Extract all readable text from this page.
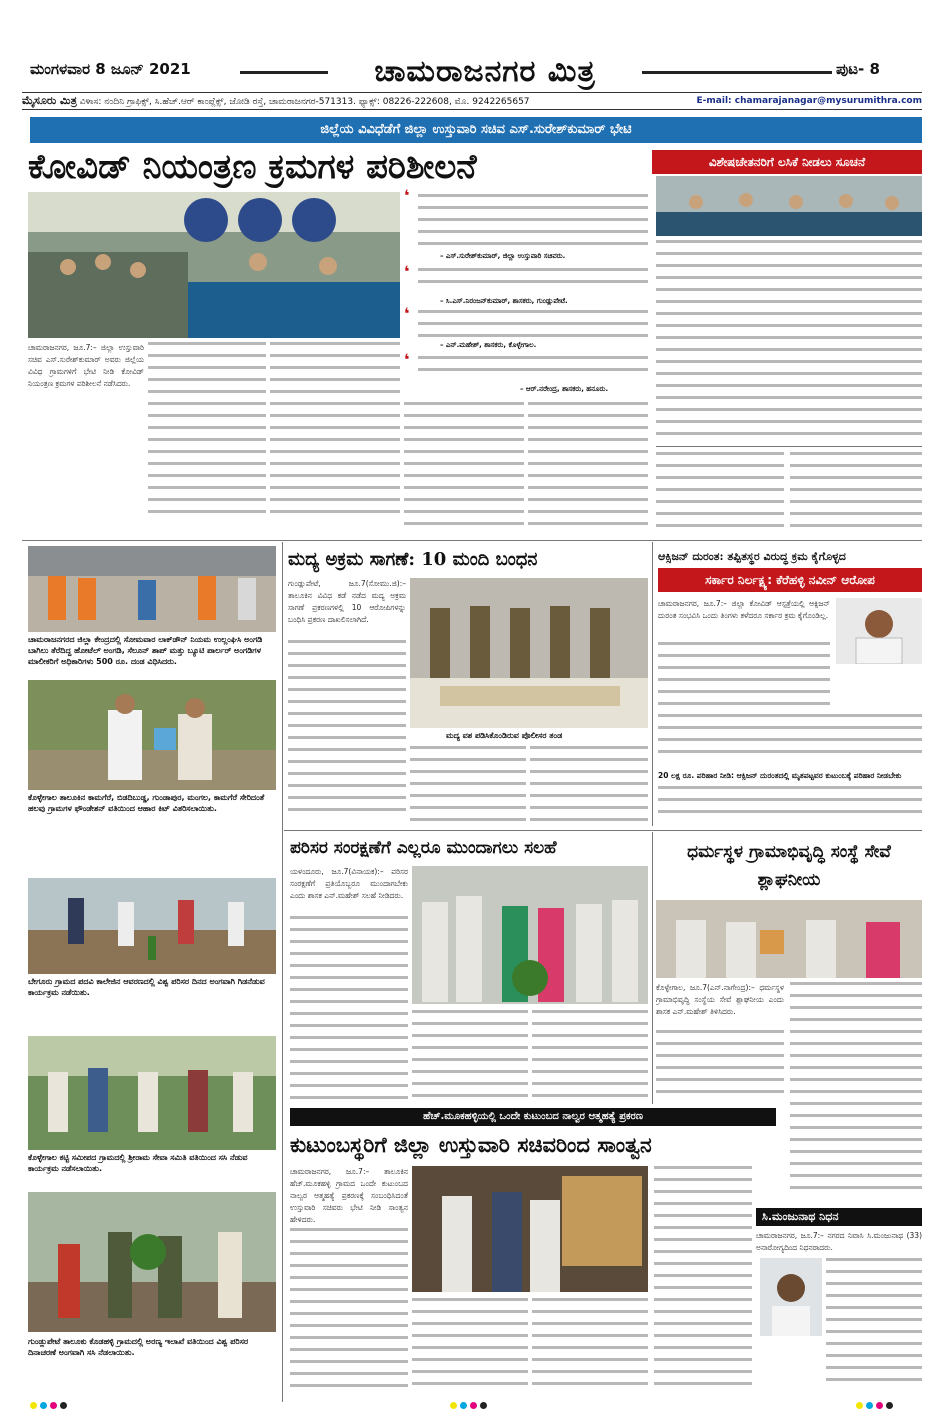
ಮಂಗಳವಾರ 8 ಜೂನ್ 2021	ಚಾಮರಾಜನಗರ ಮಿತ್ರ	ಪುಟ- 8
ಮೈಸೂರು ಮಿತ್ರ ವಿಳಾಸ: ನಂದಿನಿ ಗ್ರಾಫಿಕ್ಸ್, ಸಿ.ಹೆಚ್.ಆರ್ ಕಾಂಪ್ಲೆಕ್ಸ್, ಜೋಡಿ ರಸ್ತೆ, ಚಾಮರಾಜನಗರ-571313. ಫ್ಯಾಕ್ಸ್: 08226-222608, ಮೊ. 9242265657	E-mail: chamarajanagar@mysurumithra.com
ಜಿಲ್ಲೆಯ ವಿವಿಧೆಡೆಗೆ ಜಿಲ್ಲಾ ಉಸ್ತುವಾರಿ ಸಚಿವ ಎಸ್.ಸುರೇಶ್‌ಕುಮಾರ್ ಭೇಟಿ
ಕೋವಿಡ್ ನಿಯಂತ್ರಣ ಕ್ರಮಗಳ ಪರಿಶೀಲನೆ	ವಿಶೇಷಚೇತನರಿಗೆ ಲಸಿಕೆ ನೀಡಲು ಸೂಚನೆ
ಚಾಮರಾಜನಗರ, ಜೂ.7:– ಜಿಲ್ಲಾ ಉಸ್ತುವಾರಿ ಸಚಿವ ಎಸ್.ಸುರೇಶ್‌ಕುಮಾರ್ ಅವರು ಜಿಲ್ಲೆಯ ವಿವಿಧ ಗ್ರಾಮಗಳಿಗೆ ಭೇಟಿ ನೀಡಿ ಕೋವಿಡ್ ನಿಯಂತ್ರಣ ಕ್ರಮಗಳ ಪರಿಶೀಲನೆ ನಡೆಸಿದರು.
❛
– ಎಸ್.ಸುರೇಶ್‌ಕುಮಾರ್, ಜಿಲ್ಲಾ ಉಸ್ತುವಾರಿ ಸಚಿವರು.
❛
– ಸಿ.ಎಸ್.ನಿರಂಜನ್‌ಕುಮಾರ್, ಶಾಸಕರು, ಗುಂಡ್ಲುಪೇಟೆ.
❛
– ಎನ್.ಮಹೇಶ್, ಶಾಸಕರು, ಕೊಳ್ಳೇಗಾಲ.
❛
– ಆರ್.ನರೇಂದ್ರ, ಶಾಸಕರು, ಹನೂರು.
ಚಾಮರಾಜನಗರದ ಜಿಲ್ಲಾ ಕೇಂದ್ರದಲ್ಲಿ ಸೋಮವಾರ ಲಾಕ್‌ಡೌನ್ ನಿಯಮ ಉಲ್ಲಂಘಿಸಿ ಅಂಗಡಿ ಬಾಗಿಲು ತೆರೆದಿದ್ದ ಹೋಟೆಲ್ ಅಂಗಡಿ, ಸೆಲೂನ್ ಶಾಪ್ ಮತ್ತು ಬ್ಯೂಟಿ ಪಾರ್ಲರ್ ಅಂಗಡಿಗಳ ಮಾಲೀಕರಿಗೆ ಅಧಿಕಾರಿಗಳು 500 ರೂ. ದಂಡ ವಿಧಿಸಿದರು.
ಕೊಳ್ಳೇಗಾಲ ತಾಲೂಕಿನ ಕಾಮಗೆರೆ, ಬಿಡದಿಬುಡ್ಡ, ಗುಂಡಾಪುರ, ಮಂಗಲ, ಕಾಮಗೆರೆ ಸೇರಿದಂತೆ ಹಲವು ಗ್ರಾಮಗಳ ಫೌಂಡೇಶನ್ ವತಿಯಿಂದ ಆಹಾರ ಕಿಟ್ ವಿತರಿಸಲಾಯಿತು.
ಬೇಗೂರು ಗ್ರಾಮದ ಪದವಿ ಕಾಲೇಜಿನ ಆವರಣದಲ್ಲಿ ವಿಶ್ವ ಪರಿಸರ ದಿನದ ಅಂಗವಾಗಿ ಗಿಡನೆಡುವ ಕಾರ್ಯಕ್ರಮ ನಡೆಯಿತು.
ಕೊಳ್ಳೇಗಾಲ ಕಟ್ಟಿ ಸಮೀಪದ ಗ್ರಾಮದಲ್ಲಿ ಶ್ರೀರಾಮ ಸೇವಾ ಸಮಿತಿ ವತಿಯಿಂದ ಸಸಿ ನೆಡುವ ಕಾರ್ಯಕ್ರಮ ನಡೆಸಲಾಯಿತು.
ಗುಂಡ್ಲುಪೇಟೆ ತಾಲೂಕು ಕೊಡಹಳ್ಳಿ ಗ್ರಾಮದಲ್ಲಿ ಅರಣ್ಯ ಇಲಾಖೆ ವತಿಯಿಂದ ವಿಶ್ವ ಪರಿಸರ ದಿನಾಚರಣೆ ಅಂಗವಾಗಿ ಸಸಿ ನೆಡಲಾಯಿತು.
ಮದ್ಯ ಅಕ್ರಮ ಸಾಗಣೆ: 10 ಮಂದಿ ಬಂಧನ
ಗುಂಡ್ಲುಪೇಟೆ, ಜೂ.7(ಸೋಮು.ಜಿ):– ತಾಲೂಕಿನ ವಿವಿಧ ಕಡೆ ನಡೆದ ಮದ್ಯ ಅಕ್ರಮ ಸಾಗಣೆ ಪ್ರಕರಣಗಳಲ್ಲಿ 10 ಆರೋಪಿಗಳನ್ನು ಬಂಧಿಸಿ ಪ್ರಕರಣ ದಾಖಲಿಸಲಾಗಿದೆ.
ಮದ್ಯ ವಶ ಪಡಿಸಿಕೊಂಡಿರುವ ಪೊಲೀಸರ ತಂಡ
ಆಕ್ಸಿಜನ್ ದುರಂತ: ತಪ್ಪಿತಸ್ಥರ ವಿರುದ್ಧ ಕ್ರಮ ಕೈಗೊಳ್ಳದ
ಸರ್ಕಾರ ನಿರ್ಲಕ್ಷ್ಯ: ಕೆರೆಹಳ್ಳಿ ನವೀನ್ ಆರೋಪ
ಚಾಮರಾಜನಗರ, ಜೂ.7:– ಜಿಲ್ಲಾ ಕೋವಿಡ್ ಆಸ್ಪತ್ರೆಯಲ್ಲಿ ಆಕ್ಸಿಜನ್ ದುರಂತ ಸಂಭವಿಸಿ ಒಂದು ತಿಂಗಳು ಕಳೆದರೂ ಸರ್ಕಾರ ಕ್ರಮ ಕೈಗೊಂಡಿಲ್ಲ.
20 ಲಕ್ಷ ರೂ. ಪರಿಹಾರ ನೀಡಿ: ಆಕ್ಸಿಜನ್ ದುರಂತದಲ್ಲಿ ಮೃತಪಟ್ಟವರ ಕುಟುಂಬಕ್ಕೆ ಪರಿಹಾರ ನೀಡಬೇಕು
ಪರಿಸರ ಸಂರಕ್ಷಣೆಗೆ ಎಲ್ಲರೂ ಮುಂದಾಗಲು ಸಲಹೆ
ಯಳಂದೂರು, ಜೂ.7(ವಿನಾಯಕ):– ಪರಿಸರ ಸಂರಕ್ಷಣೆಗೆ ಪ್ರತಿಯೊಬ್ಬರೂ ಮುಂದಾಗಬೇಕು ಎಂದು ಶಾಸಕ ಎನ್.ಮಹೇಶ್ ಸಲಹೆ ನೀಡಿದರು.
ಧರ್ಮಸ್ಥಳ ಗ್ರಾಮಾಭಿವೃದ್ಧಿ ಸಂಸ್ಥೆ ಸೇವೆ ಶ್ಲಾಘನೀಯ
ಕೊಳ್ಳೇಗಾಲ, ಜೂ.7(ಎನ್.ನಾಗೇಂದ್ರ):– ಧರ್ಮಸ್ಥಳ ಗ್ರಾಮಾಭಿವೃದ್ಧಿ ಸಂಸ್ಥೆಯ ಸೇವೆ ಶ್ಲಾಘನೀಯ ಎಂದು ಶಾಸಕ ಎನ್.ಮಹೇಶ್ ತಿಳಿಸಿದರು.
ಹೆಚ್.ಮೂಕಹಳ್ಳಿಯಲ್ಲಿ ಒಂದೇ ಕುಟುಂಬದ ನಾಲ್ವರ ಆತ್ಮಹತ್ಯೆ ಪ್ರಕರಣ
ಕುಟುಂಬಸ್ಥರಿಗೆ ಜಿಲ್ಲಾ ಉಸ್ತುವಾರಿ ಸಚಿವರಿಂದ ಸಾಂತ್ವನ
ಚಾಮರಾಜನಗರ, ಜೂ.7:– ತಾಲೂಕಿನ ಹೆಚ್.ಮೂಕಹಳ್ಳಿ ಗ್ರಾಮದ ಒಂದೇ ಕುಟುಂಬದ ನಾಲ್ವರ ಆತ್ಮಹತ್ಯೆ ಪ್ರಕರಣಕ್ಕೆ ಸಂಬಂಧಿಸಿದಂತೆ ಉಸ್ತುವಾರಿ ಸಚಿವರು ಭೇಟಿ ನೀಡಿ ಸಾಂತ್ವನ ಹೇಳಿದರು.	ಸಿ.ಮಂಜುನಾಥ ನಿಧನ
ಚಾಮರಾಜನಗರ, ಜೂ.7:– ನಗರದ ನಿವಾಸಿ ಸಿ.ಮಂಜುನಾಥ (33) ಅನಾರೋಗ್ಯದಿಂದ ನಿಧನರಾದರು.
